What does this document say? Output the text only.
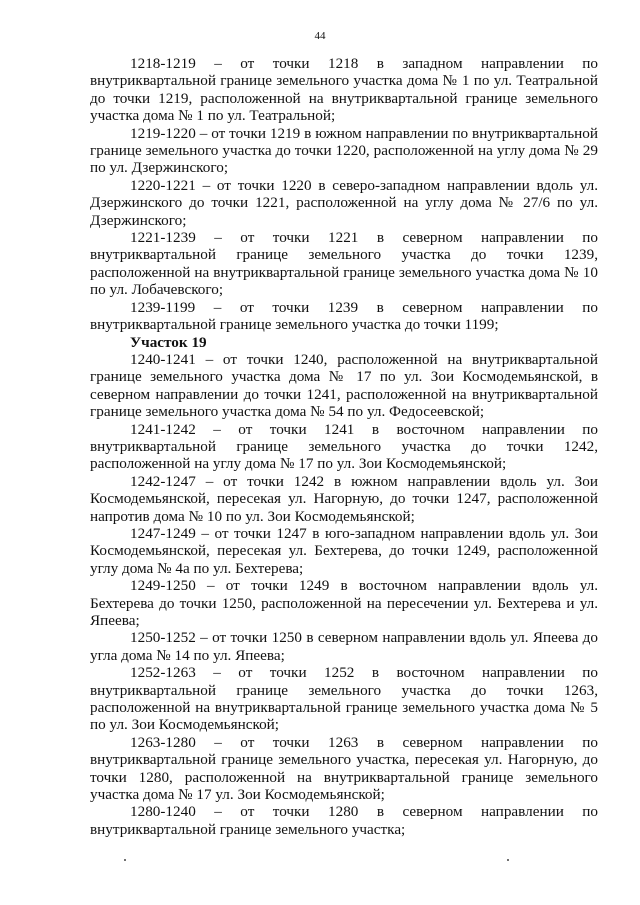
44

1218-1219 – от точки 1218 в западном направлении по внутриквартальной границе земельного участка дома № 1 по ул. Театральной до точки 1219, расположенной на внутриквартальной границе земельного участка дома № 1 по ул. Театральной;

1219-1220 – от точки 1219 в южном направлении по внутриквартальной границе земельного участка до точки 1220, расположенной на углу дома № 29 по ул. Дзержинского;

1220-1221 – от точки 1220 в северо-западном направлении вдоль ул. Дзержинского до точки 1221, расположенной на углу дома № 27/6 по ул. Дзержинского;

1221-1239 – от точки 1221 в северном направлении по внутриквартальной границе земельного участка до точки 1239, расположенной на внутриквартальной границе земельного участка дома № 10 по ул. Лобачевского;

1239-1199 – от точки 1239 в северном направлении по внутриквартальной границе земельного участка до точки 1199;

Участок 19

1240-1241 – от точки 1240, расположенной на внутриквартальной границе земельного участка дома № 17 по ул. Зои Космодемьянской, в северном направлении до точки 1241, расположенной на внутриквартальной границе земельного участка дома № 54 по ул. Федосеевской;

1241-1242 – от точки 1241 в восточном направлении по внутриквартальной границе земельного участка до точки 1242, расположенной на углу дома № 17 по ул. Зои Космодемьянской;

1242-1247 – от точки 1242 в южном направлении вдоль ул. Зои Космодемьянской, пересекая ул. Нагорную, до точки 1247, расположенной напротив дома № 10 по ул. Зои Космодемьянской;

1247-1249 – от точки 1247 в юго-западном направлении вдоль ул. Зои Космодемьянской, пересекая ул. Бехтерева, до точки 1249, расположенной углу дома № 4а по ул. Бехтерева;

1249-1250 – от точки 1249 в восточном направлении вдоль ул. Бехтерева до точки 1250, расположенной на пересечении ул. Бехтерева и ул. Япеева;

1250-1252 – от точки 1250 в северном направлении вдоль ул. Япеева до угла дома № 14 по ул. Япеева;

1252-1263 – от точки 1252 в восточном направлении по внутриквартальной границе земельного участка до точки 1263, расположенной на внутриквартальной границе земельного участка дома № 5 по ул. Зои Космодемьянской;

1263-1280 – от точки 1263 в северном направлении по внутриквартальной границе земельного участка, пересекая ул. Нагорную, до точки 1280, расположенной на внутриквартальной границе земельного участка дома № 17 ул. Зои Космодемьянской;

1280-1240 – от точки 1280 в северном направлении по внутриквартальной границе земельного участка;
